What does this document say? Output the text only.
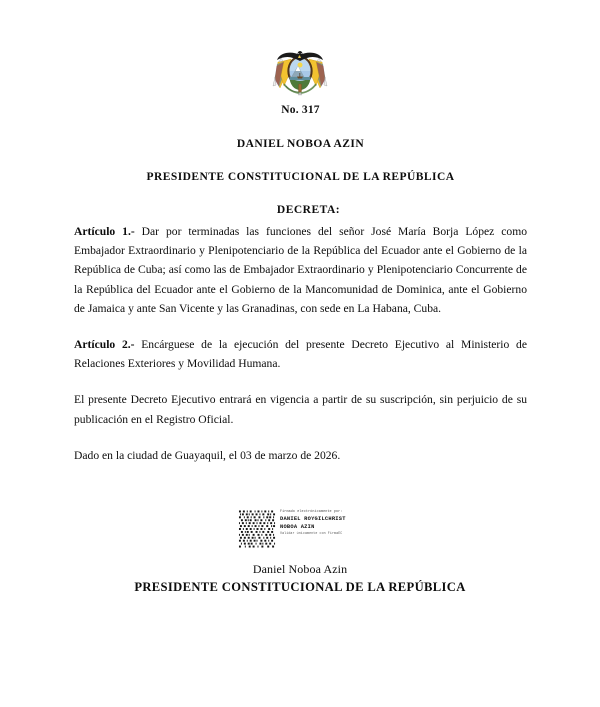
No. 317

DANIEL NOBOA AZIN

PRESIDENTE CONSTITUCIONAL DE LA REPÚBLICA

DECRETA:

Artículo 1.- Dar por terminadas las funciones del señor José María Borja López como Embajador Extraordinario y Plenipotenciario de la República del Ecuador ante el Gobierno de la República de Cuba; así como las de Embajador Extraordinario y Plenipotenciario Concurrente de la República del Ecuador ante el Gobierno de la Mancomunidad de Dominica, ante el Gobierno de Jamaica y ante San Vicente y las Granadinas, con sede en La Habana, Cuba.

Artículo 2.- Encárguese de la ejecución del presente Decreto Ejecutivo al Ministerio de Relaciones Exteriores y Movilidad Humana.

El presente Decreto Ejecutivo entrará en vigencia a partir de su suscripción, sin perjuicio de su publicación en el Registro Oficial.

Dado en la ciudad de Guayaquil, el 03 de marzo de 2026.

Firmado electrónicamente por:
DANIEL ROYGILCHRIST
NOBOA AZIN
Validar únicamente con FirmaEC

Daniel Noboa Azin

PRESIDENTE CONSTITUCIONAL DE LA REPÚBLICA
